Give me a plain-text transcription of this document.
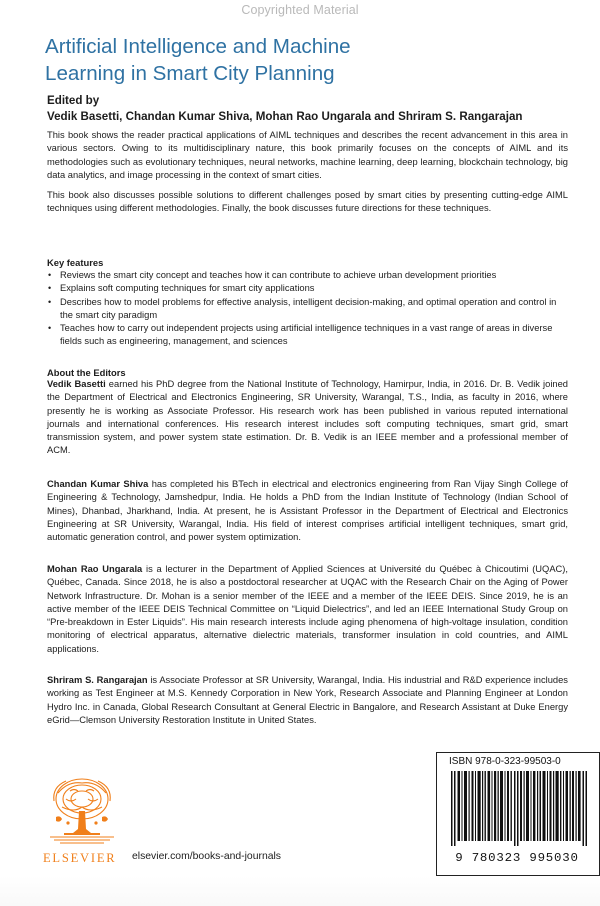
Copyrighted Material
Artificial Intelligence and Machine
Learning in Smart City Planning
Edited by
Vedik Basetti, Chandan Kumar Shiva, Mohan Rao Ungarala and Shriram S. Rangarajan
This book shows the reader practical applications of AIML techniques and describes the recent advancement in this area in various sectors. Owing to its multidisciplinary nature, this book primarily focuses on the concepts of AIML and its methodologies such as evolutionary techniques, neural networks, machine learning, deep learning, blockchain technology, big data analytics, and image processing in the context of smart cities.
This book also discusses possible solutions to different challenges posed by smart cities by presenting cutting-edge AIML techniques using different methodologies. Finally, the book discusses future directions for these techniques.
Key features
• Reviews the smart city concept and teaches how it can contribute to achieve urban development priorities
• Explains soft computing techniques for smart city applications
• Describes how to model problems for effective analysis, intelligent decision-making, and optimal operation and control in the smart city paradigm
• Teaches how to carry out independent projects using artificial intelligence techniques in a vast range of areas in diverse fields such as engineering, management, and sciences
About the Editors
Vedik Basetti earned his PhD degree from the National Institute of Technology, Hamirpur, India, in 2016. Dr. B. Vedik joined the Department of Electrical and Electronics Engineering, SR University, Warangal, T.S., India, as faculty in 2016, where presently he is working as Associate Professor. His research work has been published in various reputed international journals and international conferences. His research interest includes soft computing techniques, smart grid, smart transmission system, and power system state estimation. Dr. B. Vedik is an IEEE member and a professional member of ACM.
Chandan Kumar Shiva has completed his BTech in electrical and electronics engineering from Ran Vijay Singh College of Engineering & Technology, Jamshedpur, India. He holds a PhD from the Indian Institute of Technology (Indian School of Mines), Dhanbad, Jharkhand, India. At present, he is Assistant Professor in the Department of Electrical and Electronics Engineering at SR University, Warangal, India. His field of interest comprises artificial intelligent techniques, smart grid, automatic generation control, and power system optimization.
Mohan Rao Ungarala is a lecturer in the Department of Applied Sciences at Université du Québec à Chicoutimi (UQAC), Québec, Canada. Since 2018, he is also a postdoctoral researcher at UQAC with the Research Chair on the Aging of Power Network Infrastructure. Dr. Mohan is a senior member of the IEEE and a member of the IEEE DEIS. Since 2019, he is an active member of the IEEE DEIS Technical Committee on “Liquid Dielectrics”, and led an IEEE International Study Group on “Pre-breakdown in Ester Liquids”. His main research interests include aging phenomena of high-voltage insulation, condition monitoring of electrical apparatus, alternative dielectric materials, transformer insulation in cold countries, and AIML applications.
Shriram S. Rangarajan is Associate Professor at SR University, Warangal, India. His industrial and R&D experience includes working as Test Engineer at M.S. Kennedy Corporation in New York, Research Associate and Planning Engineer at London Hydro Inc. in Canada, Global Research Consultant at General Electric in Bangalore, and Research Assistant at Duke Energy eGrid—Clemson University Restoration Institute in United States.
ELSEVIER elsevier.com/books-and-journals
ISBN 978-0-323-99503-0
9 780323 995030
